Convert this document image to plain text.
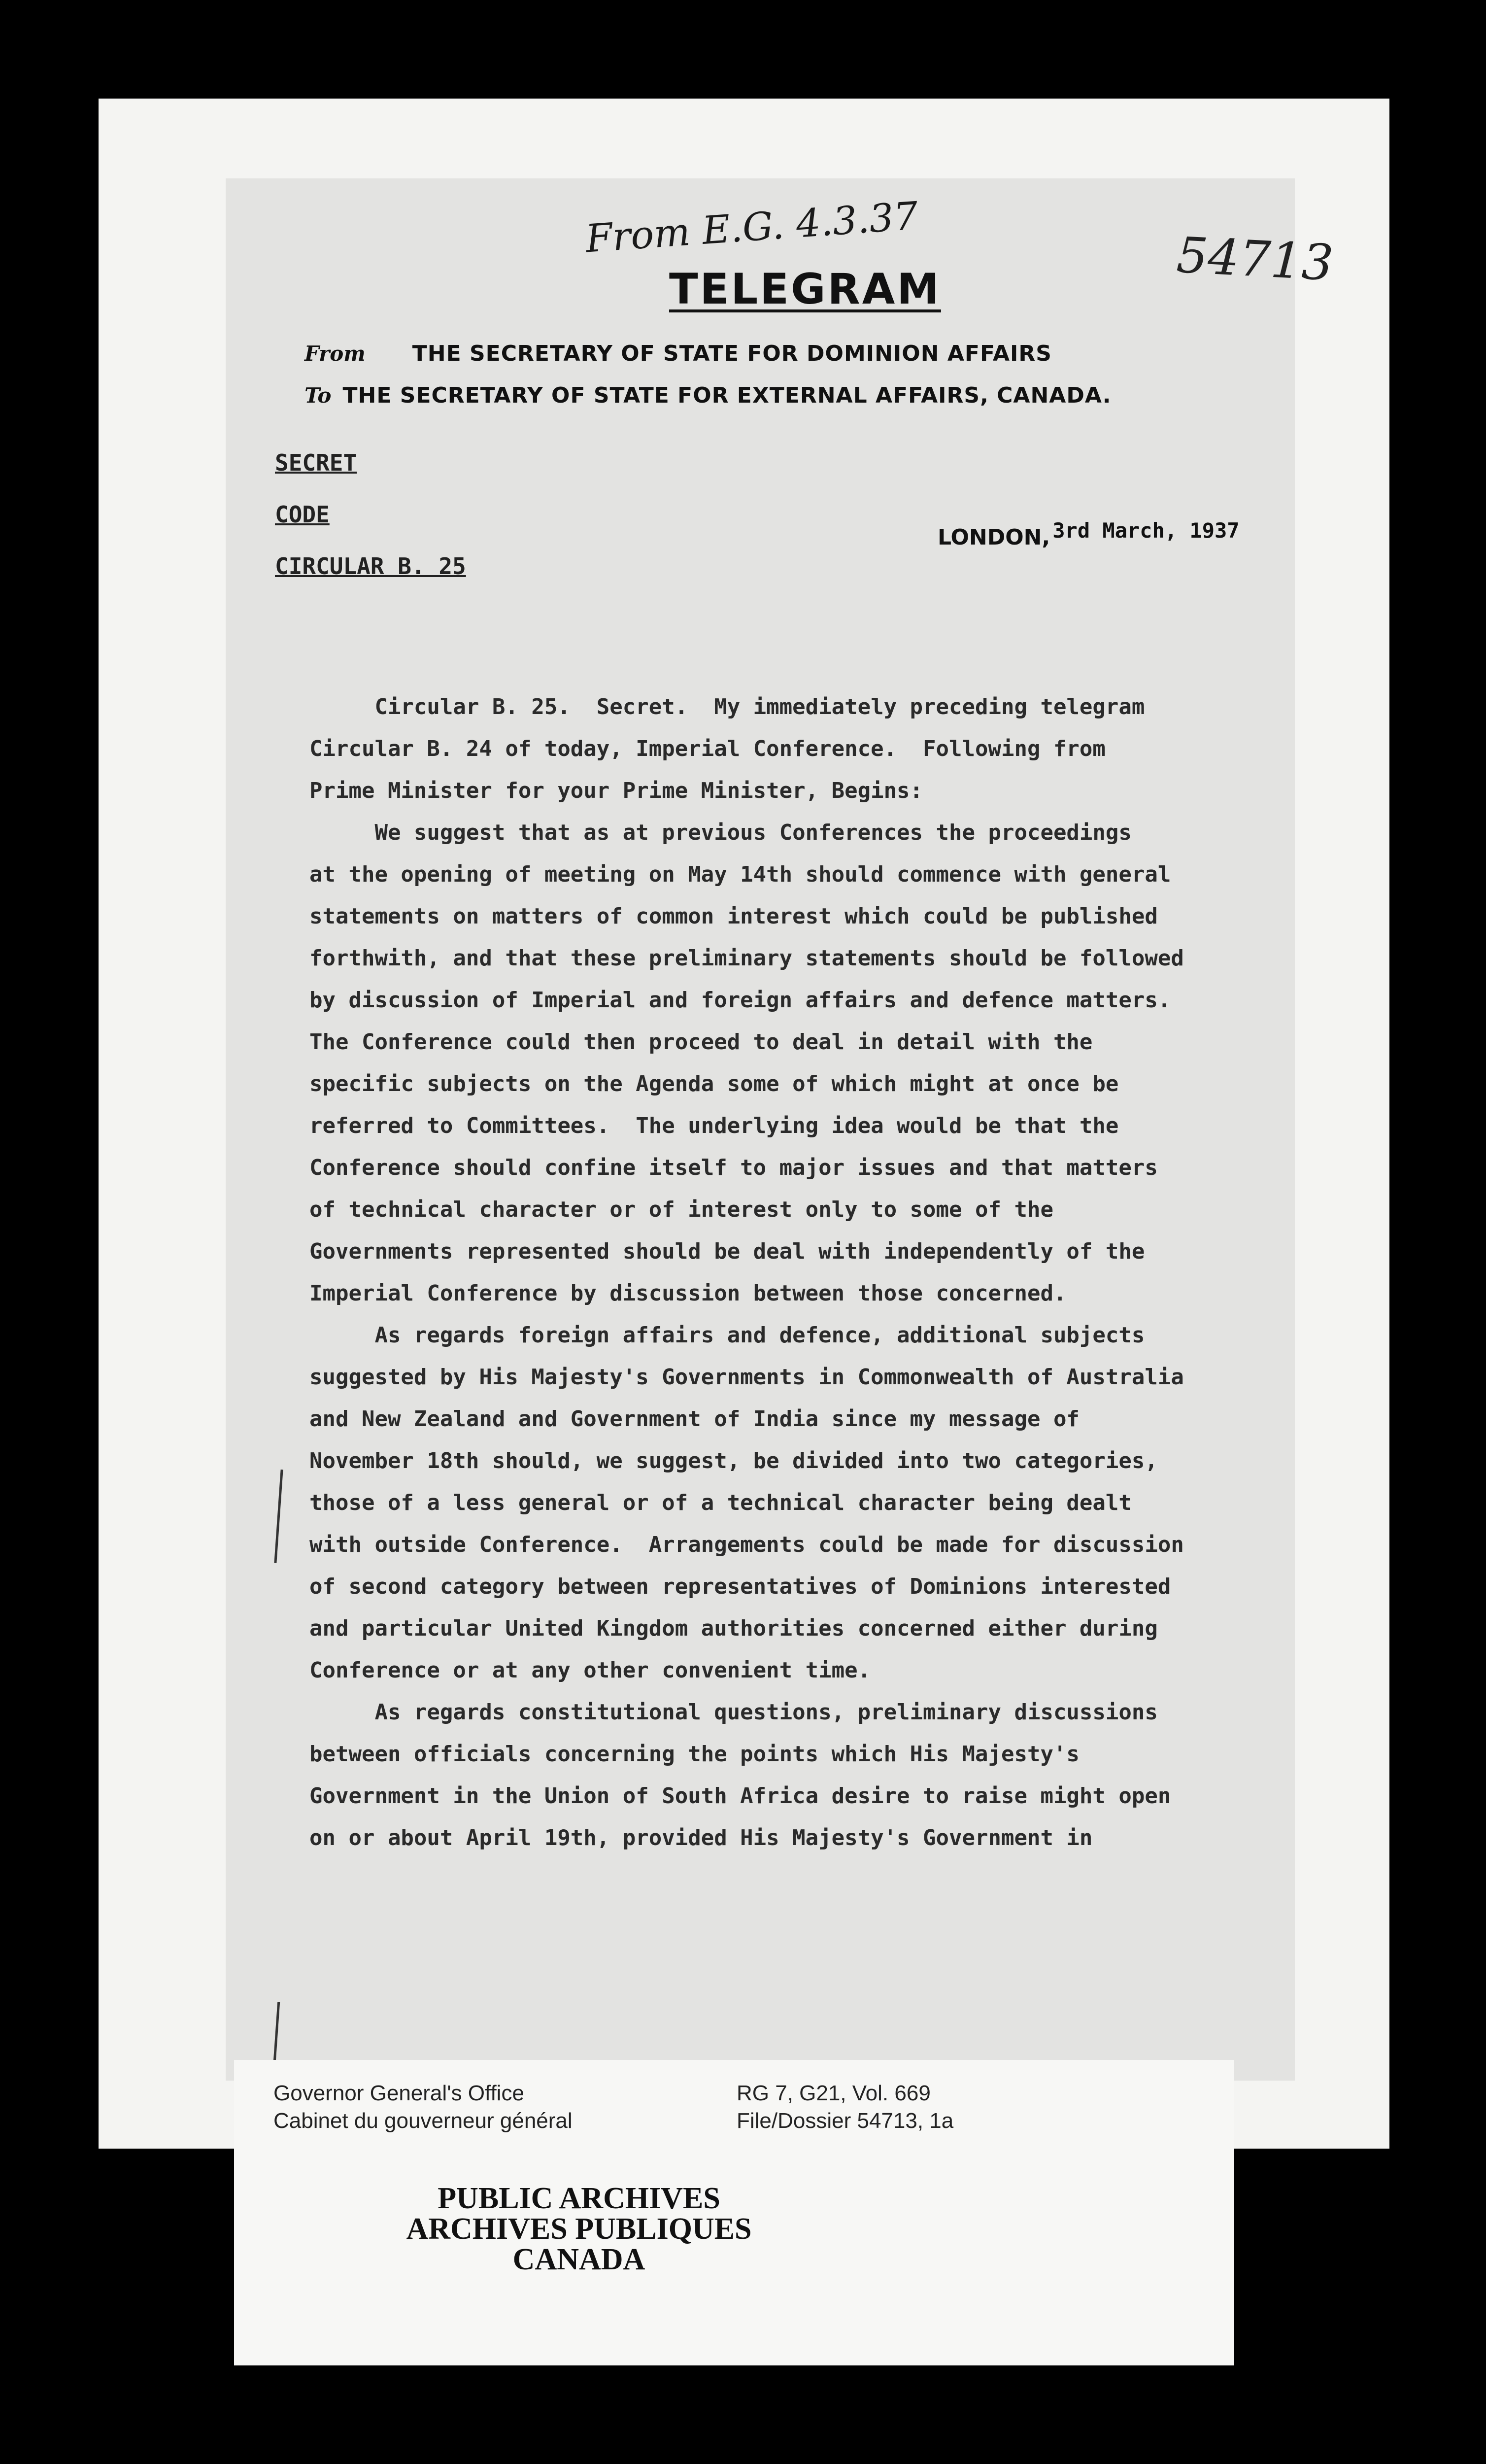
From E.G. 4.3.37	54713
TELEGRAM
From THE SECRETARY OF STATE FOR DOMINION AFFAIRS
To THE SECRETARY OF STATE FOR EXTERNAL AFFAIRS, CANADA.
SECRET
CODE
CIRCULAR B. 25
LONDON, 3rd March, 1937
Circular B. 25.  Secret.  My immediately preceding telegram
Circular B. 24 of today, Imperial Conference.  Following from
Prime Minister for your Prime Minister, Begins:
We suggest that as at previous Conferences the proceedings
at the opening of meeting on May 14th should commence with general
statements on matters of common interest which could be published
forthwith, and that these preliminary statements should be followed
by discussion of Imperial and foreign affairs and defence matters.
The Conference could then proceed to deal in detail with the
specific subjects on the Agenda some of which might at once be
referred to Committees.  The underlying idea would be that the
Conference should confine itself to major issues and that matters
of technical character or of interest only to some of the
Governments represented should be deal with independently of the
Imperial Conference by discussion between those concerned.
As regards foreign affairs and defence, additional subjects
suggested by His Majesty's Governments in Commonwealth of Australia
and New Zealand and Government of India since my message of
November 18th should, we suggest, be divided into two categories,
those of a less general or of a technical character being dealt
with outside Conference.  Arrangements could be made for discussion
of second category between representatives of Dominions interested
and particular United Kingdom authorities concerned either during
Conference or at any other convenient time.
As regards constitutional questions, preliminary discussions
between officials concerning the points which His Majesty's
Government in the Union of South Africa desire to raise might open
on or about April 19th, provided His Majesty's Government in
Governor General's Office
Cabinet du gouverneur général
RG 7, G21, Vol. 669
File/Dossier 54713, 1a
PUBLIC ARCHIVES
ARCHIVES PUBLIQUES
CANADA
